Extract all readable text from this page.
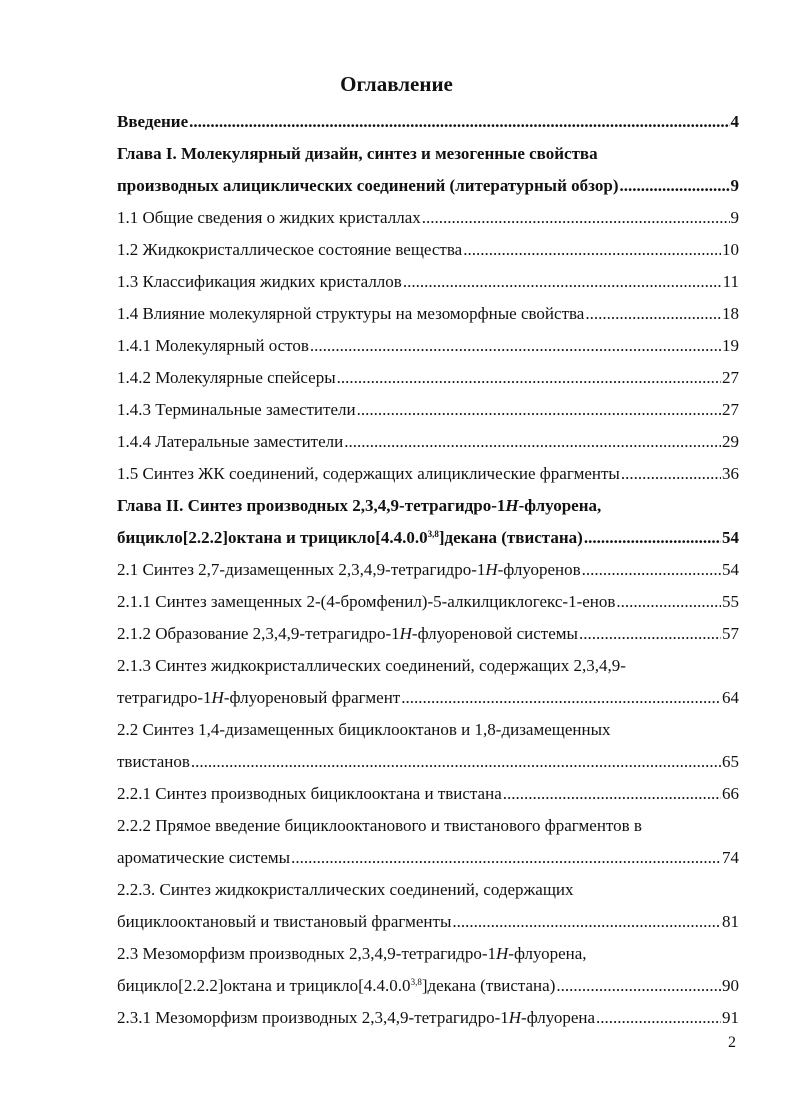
Оглавление
Введение .....	4
Глава I. Молекулярный дизайн, синтез и мезогенные свойства
производных алициклических соединений (литературный обзор) .....	9
1.1 Общие сведения о жидких кристаллах .....	9
1.2 Жидкокристаллическое состояние вещества .....	10
1.3 Классификация жидких кристаллов .....	11
1.4 Влияние молекулярной структуры на мезоморфные свойства .....	18
1.4.1 Молекулярный остов .....	19
1.4.2 Молекулярные спейсеры .....	27
1.4.3 Терминальные заместители .....	27
1.4.4 Латеральные заместители .....	29
1.5 Синтез ЖК соединений, содержащих алициклические фрагменты .....	36
Глава II. Синтез производных 2,3,4,9-тетрагидро-1H-флуорена,
бицикло[2.2.2]октана и трицикло[4.4.0.0$^{3,8}$]декана (твистана) .....	54
2.1 Синтез 2,7-дизамещенных 2,3,4,9-тетрагидро-1H-флуоренов .....	54
2.1.1 Синтез замещенных 2-(4-бромфенил)-5-алкилциклогекс-1-енов .....	55
2.1.2 Образование 2,3,4,9-тетрагидро-1H-флуореновой системы .....	57
2.1.3 Синтез жидкокристаллических соединений, содержащих 2,3,4,9-
тетрагидро-1H-флуореновый фрагмент .....	64
2.2 Синтез 1,4-дизамещенных бициклооктанов и 1,8-дизамещенных
твистанов .....	65
2.2.1 Синтез производных бициклооктана и твистана .....	66
2.2.2 Прямое введение бициклооктанового и твистанового фрагментов в
ароматические системы .....	74
2.2.3. Синтез жидкокристаллических соединений, содержащих
бициклооктановый и твистановый фрагменты .....	81
2.3 Мезоморфизм производных 2,3,4,9-тетрагидро-1H-флуорена,
бицикло[2.2.2]октана и трицикло[4.4.0.0$^{3,8}$]декана (твистана) .....	90
2.3.1 Мезоморфизм производных 2,3,4,9-тетрагидро-1H-флуорена .....	91
2
